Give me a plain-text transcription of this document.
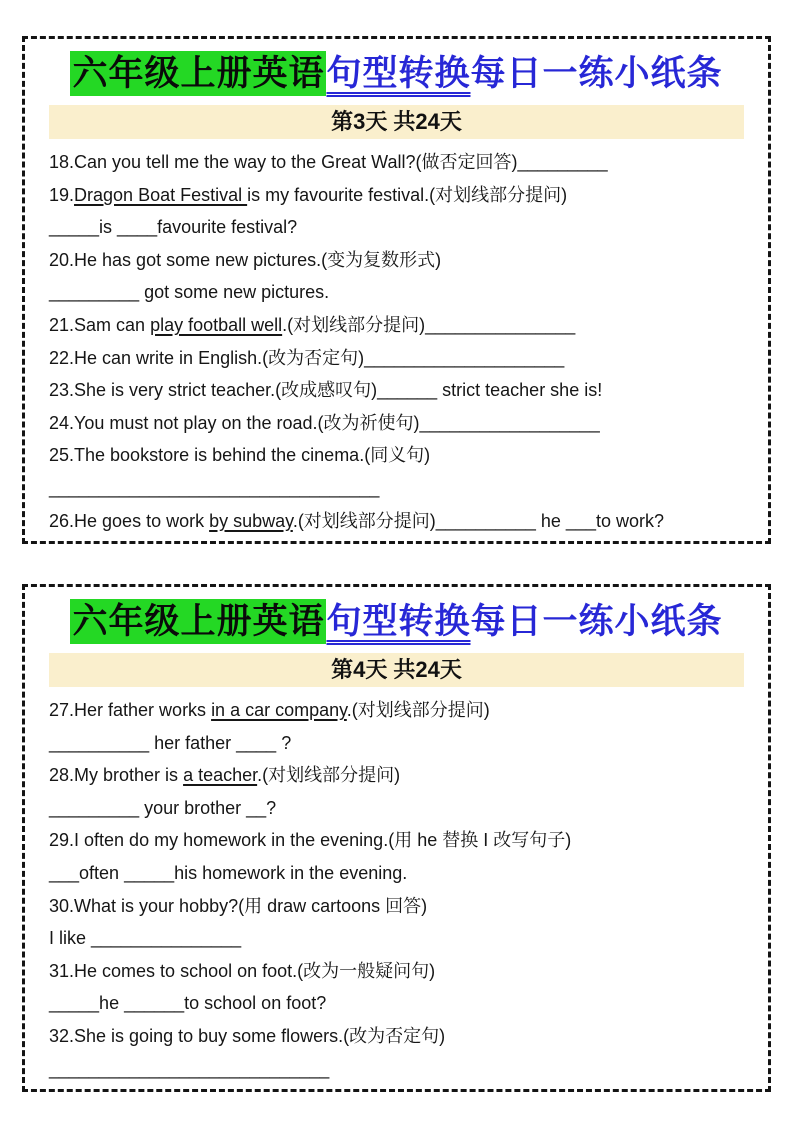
六年级上册英语句型转换每日一练小纸条
第3天 共24天
18.Can you tell me the way to the Great Wall?(做否定回答)_________
19.Dragon Boat Festival is my favourite festival.(对划线部分提问)
_____is ____favourite festival?
20.He has got some new pictures.(变为复数形式)
_________ got some new pictures.
21.Sam can play football well.(对划线部分提问)_______________
22.He can write in English.(改为否定句)____________________
23.She is very strict teacher.(改成感叹句)______ strict teacher she is!
24.You must not play on the road.(改为祈使句)__________________
25.The bookstore is behind the cinema.(同义句)
_________________________________
26.He goes to work by subway.(对划线部分提问)__________ he ___to work?
六年级上册英语句型转换每日一练小纸条
第4天 共24天
27.Her father works in a car company.(对划线部分提问)
__________ her father ____ ?
28.My brother is a teacher.(对划线部分提问)
_________ your brother __?
29.I often do my homework in the evening.(用 he 替换 I 改写句子)
___often _____his homework in the evening.
30.What is your hobby?(用 draw cartoons 回答)
I like _______________
31.He comes to school on foot.(改为一般疑问句)
_____he ______to school on foot?
32.She is going to buy some flowers.(改为否定句)
____________________________
